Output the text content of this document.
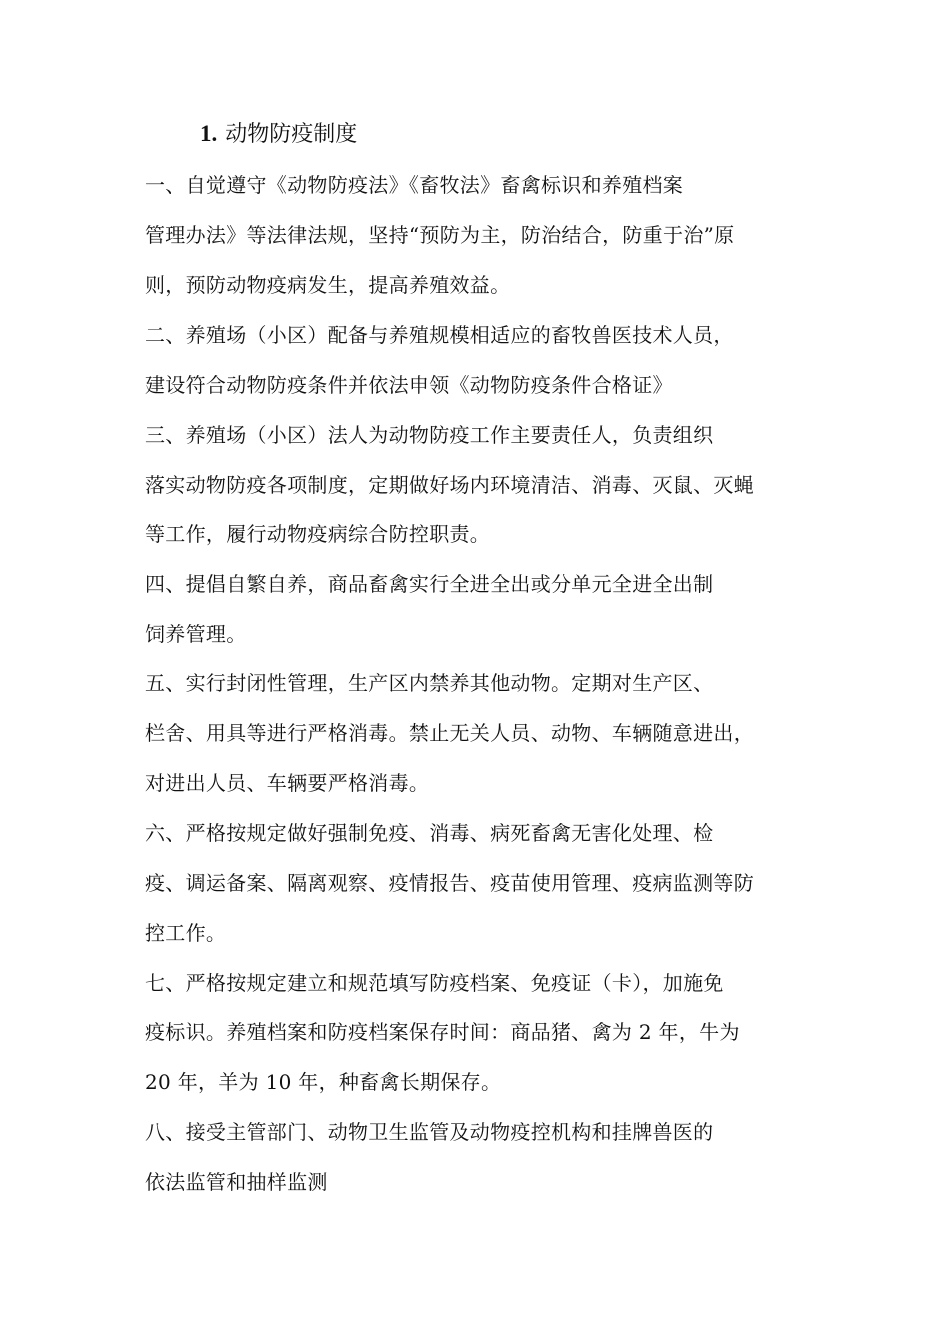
1. 动物防疫制度
一、自觉遵守《动物防疫法》《畜牧法》畜禽标识和养殖档案
管理办法》等法律法规，坚持“预防为主，防治结合，防重于治”原
则，预防动物疫病发生，提高养殖效益。
二、养殖场（小区）配备与养殖规模相适应的畜牧兽医技术人员，
建设符合动物防疫条件并依法申领《动物防疫条件合格证》
三、养殖场（小区）法人为动物防疫工作主要责任人，负责组织
落实动物防疫各项制度，定期做好场内环境清洁、消毒、灭鼠、灭蝇
等工作，履行动物疫病综合防控职责。
四、提倡自繁自养，商品畜禽实行全进全出或分单元全进全出制
饲养管理。
五、实行封闭性管理，生产区内禁养其他动物。定期对生产区、
栏舍、用具等进行严格消毒。禁止无关人员、动物、车辆随意进出，
对进出人员、车辆要严格消毒。
六、严格按规定做好强制免疫、消毒、病死畜禽无害化处理、检
疫、调运备案、隔离观察、疫情报告、疫苗使用管理、疫病监测等防
控工作。
七、严格按规定建立和规范填写防疫档案、免疫证（卡），加施免
疫标识。养殖档案和防疫档案保存时间：商品猪、禽为 2 年，牛为
20 年，羊为 10 年，种畜禽长期保存。
八、接受主管部门、动物卫生监管及动物疫控机构和挂牌兽医的
依法监管和抽样监测
